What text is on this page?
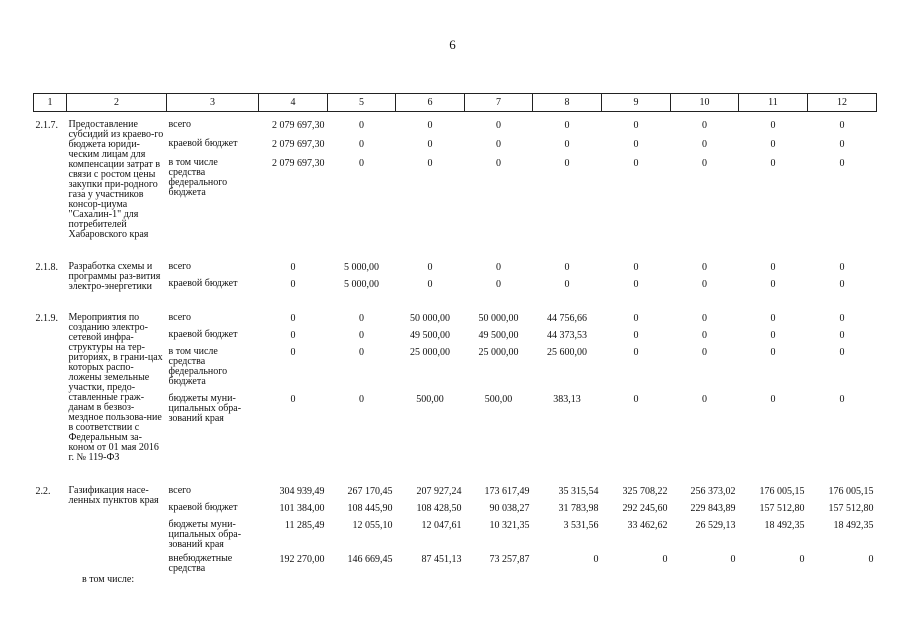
6
1	2	3	4	5	6	7	8	9	10	11	12

2.1.7.	Предоставление субсидий из краево-го бюджета юриди-ческим лицам для компенсации затрат в связи с ростом цены закупки при-родного газа у участников консор-циума "Сахалин-1" для потребителей Хабаровского края	всего	2 079 697,30	0	0	0	0	0	0	0	0
		краевой бюджет	2 079 697,30	0	0	0	0	0	0	0	0
		в том числе средства федерального бюджета	2 079 697,30	0	0	0	0	0	0	0	0

2.1.8.	Разработка схемы и программы раз-вития электро-энергетики	всего	0	5 000,00	0	0	0	0	0	0	0
		краевой бюджет	0	5 000,00	0	0	0	0	0	0	0

2.1.9.	Мероприятия по созданию электро-сетевой инфра-структуры на тер-риториях, в грани-цах которых распо-ложены земельные участки, предо-ставленные граж-данам в безвоз-мездное пользова-ние в соответствии с Федеральным за-коном от 01 мая 2016 г. № 119-ФЗ	всего	0	0	50 000,00	50 000,00	44 756,66	0	0	0	0
		краевой бюджет	0	0	49 500,00	49 500,00	44 373,53	0	0	0	0
		в том числе средства федерального бюджета	0	0	25 000,00	25 000,00	25 600,00	0	0	0	0
		бюджеты муни-ципальных обра-зований края	0	0	500,00	500,00	383,13	0	0	0	0

2.2.	Газификация насе-ленных пунктов края	всего	304 939,49	267 170,45	207 927,24	173 617,49	35 315,54	325 708,22	256 373,02	176 005,15	176 005,15
		краевой бюджет	101 384,00	108 445,90	108 428,50	90 038,27	31 783,98	292 245,60	229 843,89	157 512,80	157 512,80
		бюджеты муни-ципальных обра-зований края	11 285,49	12 055,10	12 047,61	10 321,35	3 531,56	33 462,62	26 529,13	18 492,35	18 492,35
		внебюджетные средства	192 270,00	146 669,45	87 451,13	73 257,87	0	0	0	0	0
в том числе:
